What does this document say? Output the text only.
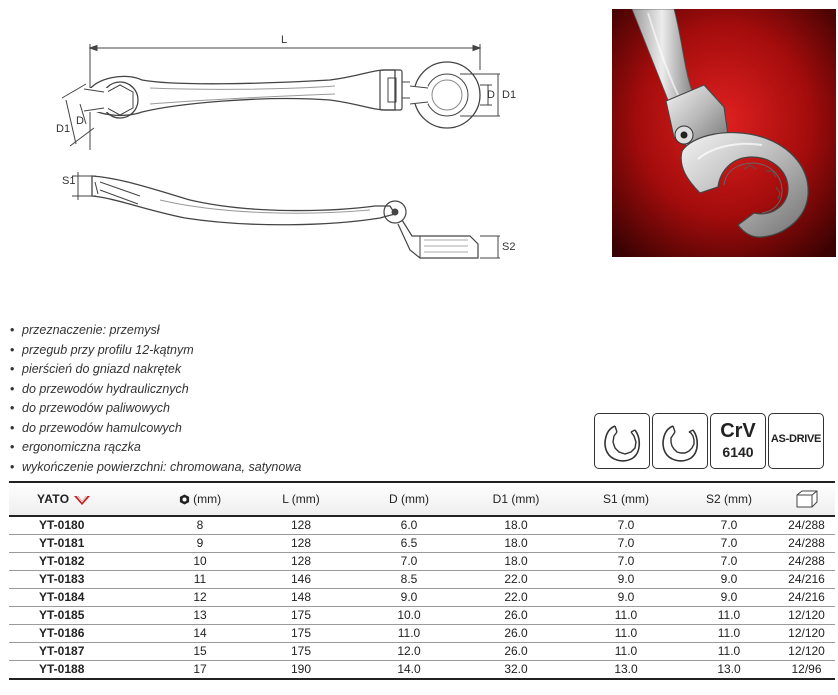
L
D D1
D
D1
S1
S2
• przeznaczenie: przemysł
• przegub przy profilu 12-kątnym
• pierścień do gniazd nakrętek
• do przewodów hydraulicznych
• do przewodów paliwowych
• do przewodów hamulcowych
• ergonomiczna rączka
• wykończenie powierzchni: chromowana, satynowa
CrV
6140
AS-DRIVE
YATO	(mm)	L (mm)	D (mm)	D1 (mm)	S1 (mm)	S2 (mm)	
YT-0180	8	128	6.0	18.0	7.0	7.0	24/288
YT-0181	9	128	6.5	18.0	7.0	7.0	24/288
YT-0182	10	128	7.0	18.0	7.0	7.0	24/288
YT-0183	11	146	8.5	22.0	9.0	9.0	24/216
YT-0184	12	148	9.0	22.0	9.0	9.0	24/216
YT-0185	13	175	10.0	26.0	11.0	11.0	12/120
YT-0186	14	175	11.0	26.0	11.0	11.0	12/120
YT-0187	15	175	12.0	26.0	11.0	11.0	12/120
YT-0188	17	190	14.0	32.0	13.0	13.0	12/96
